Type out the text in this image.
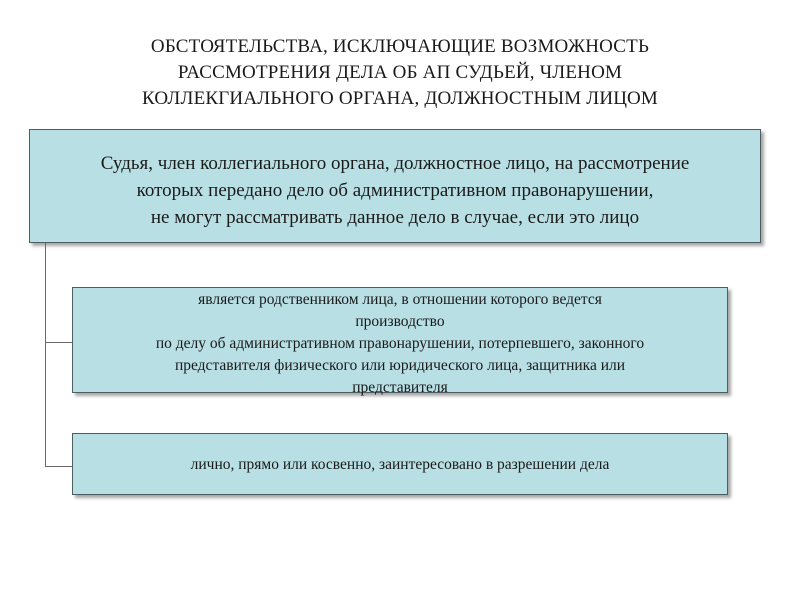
ОБСТОЯТЕЛЬСТВА, ИСКЛЮЧАЮЩИЕ ВОЗМОЖНОСТЬ
РАССМОТРЕНИЯ ДЕЛА ОБ АП СУДЬЕЙ, ЧЛЕНОМ
КОЛЛЕКГИАЛЬНОГО ОРГАНА, ДОЛЖНОСТНЫМ ЛИЦОМ
Судья, член коллегиального органа, должностное лицо, на рассмотрение
которых передано дело об административном правонарушении,
не могут рассматривать данное дело в случае, если это лицо
является родственником лица, в отношении которого ведется
производство
по делу об административном правонарушении, потерпевшего, законного
представителя физического или юридического лица, защитника или
представителя
лично, прямо или косвенно, заинтересовано в разрешении дела
